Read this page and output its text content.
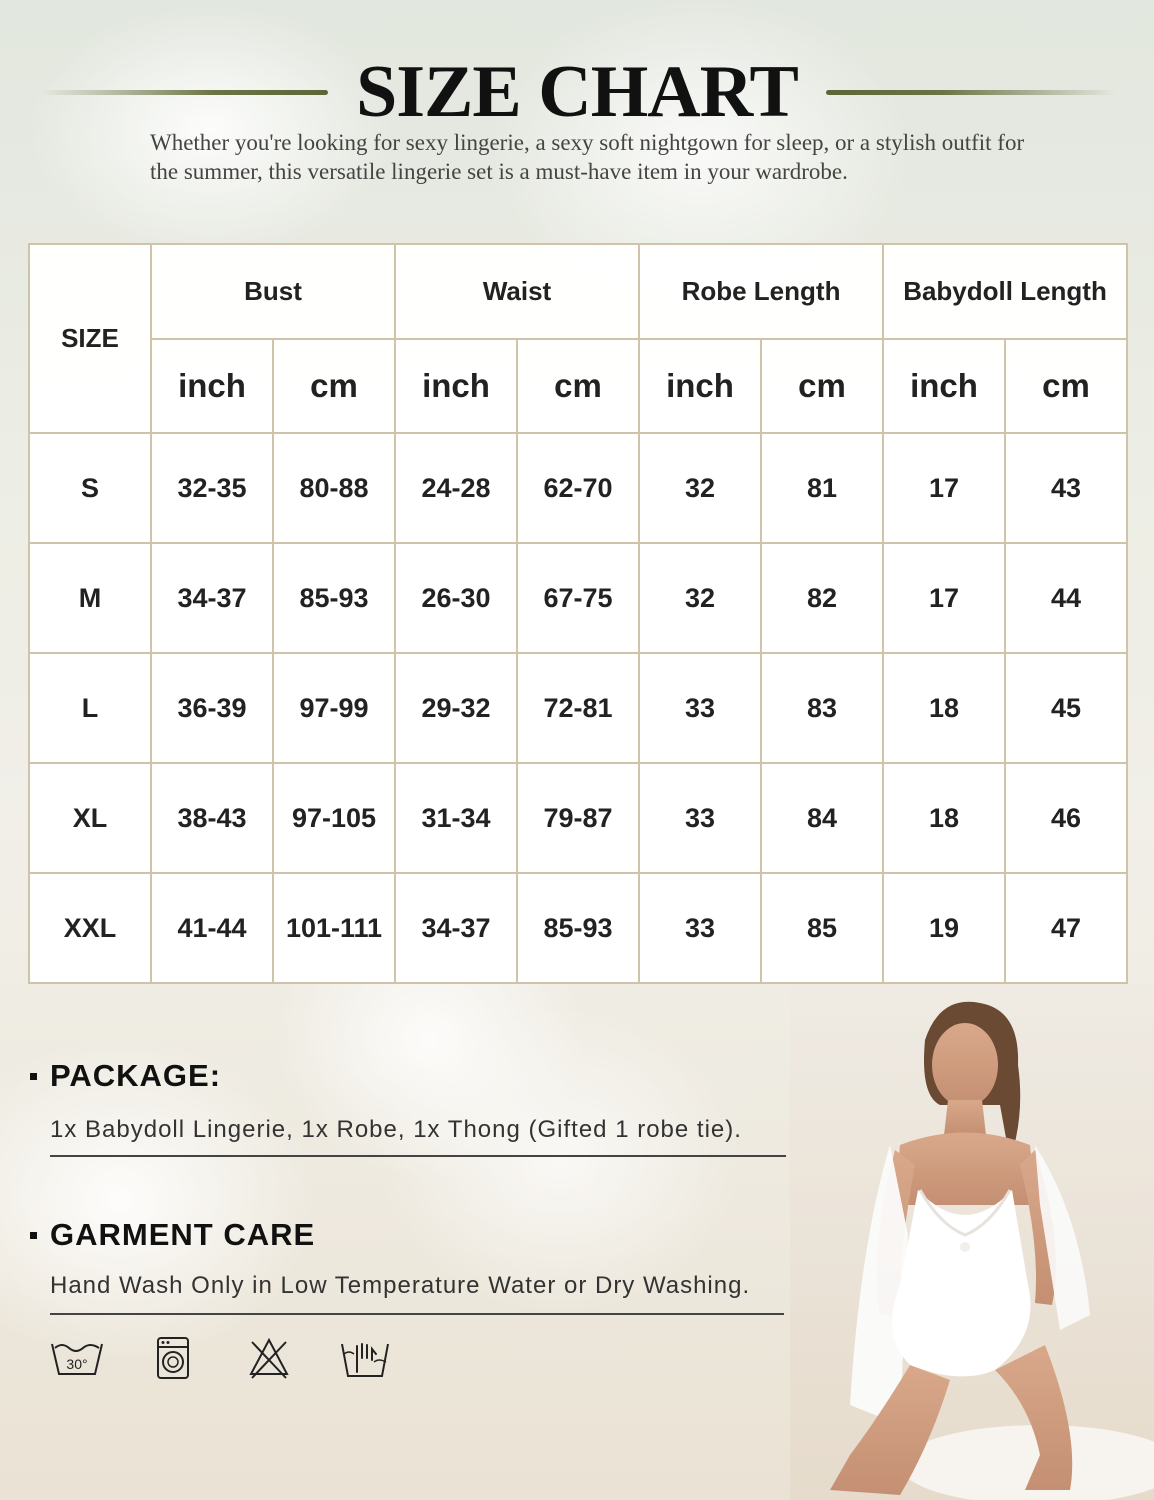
SIZE CHART
Whether you're looking for sexy lingerie, a sexy soft nightgown for sleep, or a stylish outfit for the summer, this versatile lingerie set is a must-have item in your wardrobe.
SIZE	Bust		Waist		Robe Length		Babydoll Length	
	inch	cm	inch	cm	inch	cm	inch	cm
S	32-35	80-88	24-28	62-70	32	81	17	43
M	34-37	85-93	26-30	67-75	32	82	17	44
L	36-39	97-99	29-32	72-81	33	83	18	45
XL	38-43	97-105	31-34	79-87	33	84	18	46
XXL	41-44	101-111	34-37	85-93	33	85	19	47
PACKAGE:
1x Babydoll Lingerie, 1x Robe, 1x Thong (Gifted 1 robe tie).
GARMENT CARE
Hand Wash Only in Low Temperature Water or Dry Washing.
30°
